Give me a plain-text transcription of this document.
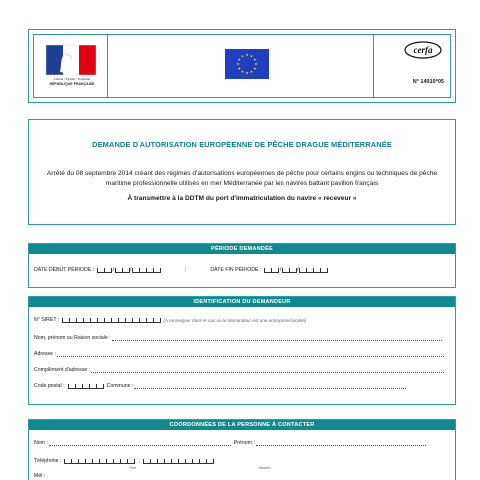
Liberté • Égalité • Fraternité
RÉPUBLIQUE FRANÇAISE
cerfa
N° 14910*05
DEMANDE D'AUTORISATION EUROPÉENNE DE PÊCHE DRAGUE MÉDITERRANÉE
Arrêté du 08 septembre 2014 créant des régimes d'autorisations européennes de pêche pour certains engins ou techniques de pêche maritime professionnelle utilisés en mer Méditerranée par les navires battant pavillon français
À transmettre à la DDTM du port d'immatriculation du navire « receveur »
PÉRIODE DEMANDÉE
DATE DÉBUT PÉRIODE :	/	/	;	DATE FIN PÉRIODE :	/	/
IDENTIFICATION DU DEMANDEUR
N° SIRET :	(A renseigner dans le cas où le demandeur est une entreprise/société)
Nom, prénom ou Raison sociale :
Adresse :
Complément d'adresse :
Code postal :	Commune :
COORDONNÉES DE LA PERSONNE À CONTACTER
Nom :	Prénom :
Téléphone :	;
Fixe	Mobile
Mél :
